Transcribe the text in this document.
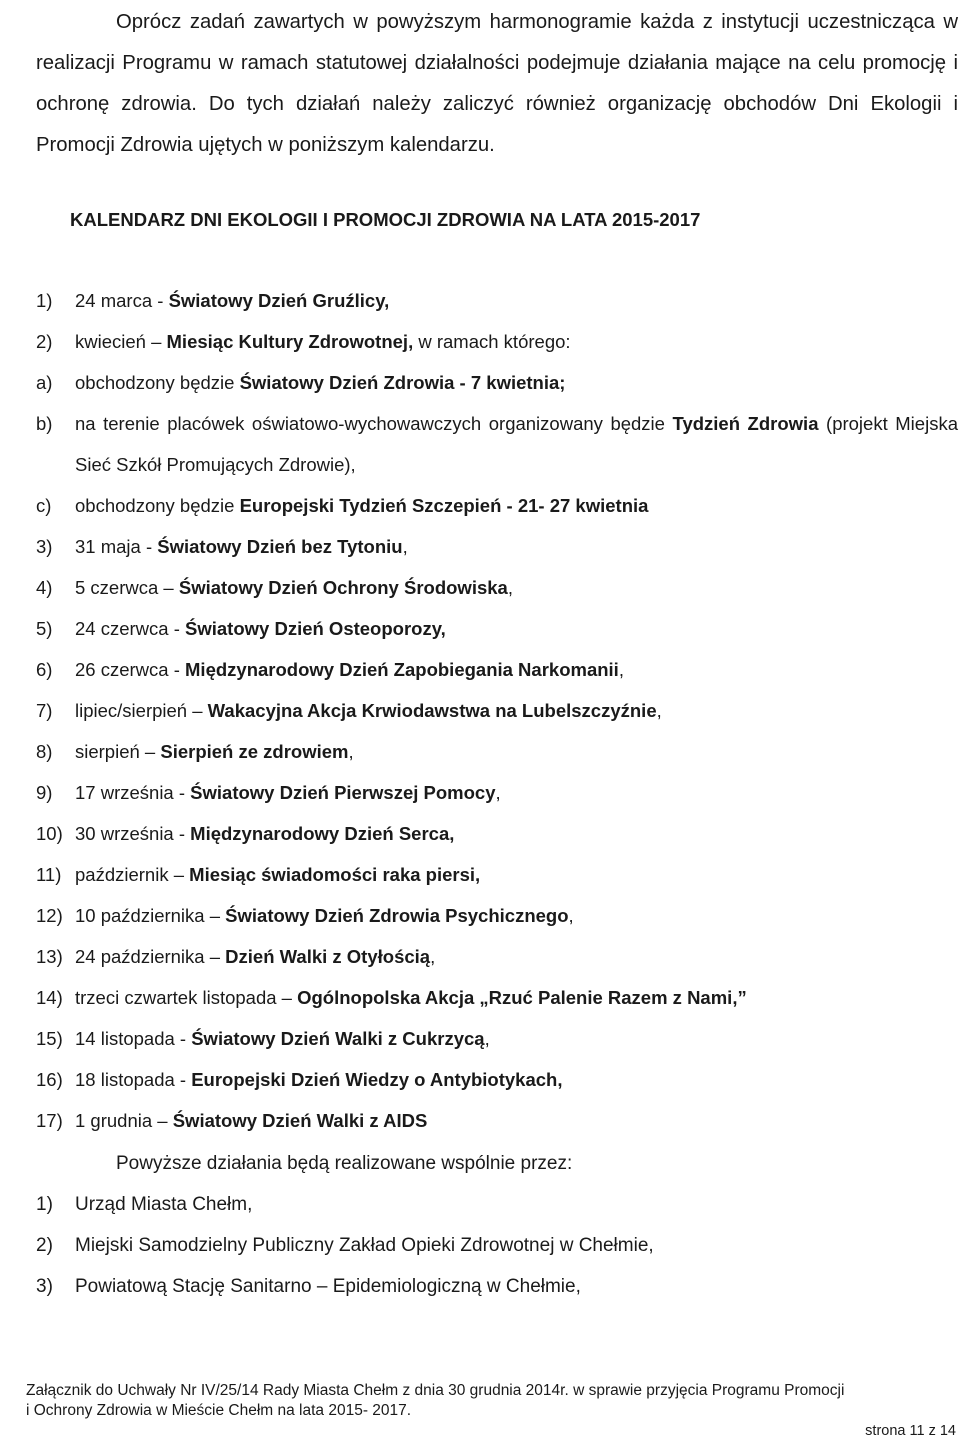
Oprócz zadań zawartych w powyższym harmonogramie każda z instytucji uczestnicząca w realizacji Programu w ramach statutowej działalności podejmuje działania mające na celu promocję i ochronę zdrowia. Do tych działań należy zaliczyć również organizację obchodów Dni Ekologii i Promocji Zdrowia ujętych w poniższym kalendarzu.

KALENDARZ DNI EKOLOGII I PROMOCJI ZDROWIA NA LATA 2015-2017
1) 24 marca - Światowy Dzień Gruźlicy,
2) kwiecień – Miesiąc Kultury Zdrowotnej, w ramach którego:
a) obchodzony będzie Światowy Dzień Zdrowia - 7 kwietnia;
b) na terenie placówek oświatowo-wychowawczych organizowany będzie Tydzień Zdrowia (projekt Miejska Sieć Szkół Promujących Zdrowie),
c) obchodzony będzie Europejski Tydzień Szczepień - 21- 27 kwietnia
3) 31 maja - Światowy Dzień bez Tytoniu,
4) 5 czerwca – Światowy Dzień Ochrony Środowiska,
5) 24 czerwca - Światowy Dzień Osteoporozy,
6) 26 czerwca - Międzynarodowy Dzień Zapobiegania Narkomanii,
7) lipiec/sierpień – Wakacyjna Akcja Krwiodawstwa na Lubelszczyźnie,
8) sierpień – Sierpień ze zdrowiem,
9) 17 września - Światowy Dzień Pierwszej Pomocy,
10) 30 września - Międzynarodowy Dzień Serca,
11) październik – Miesiąc świadomości raka piersi,
12) 10 października – Światowy Dzień Zdrowia Psychicznego,
13) 24 października – Dzień Walki z Otyłością,
14) trzeci czwartek listopada – Ogólnopolska Akcja „Rzuć Palenie Razem z Nami,”
15) 14 listopada - Światowy Dzień Walki z Cukrzycą,
16) 18 listopada - Europejski Dzień Wiedzy o Antybiotykach,
17) 1 grudnia – Światowy Dzień Walki z AIDS

Powyższe działania będą realizowane wspólnie przez:

1) Urząd Miasta Chełm,
2) Miejski Samodzielny Publiczny Zakład Opieki Zdrowotnej w Chełmie,
3) Powiatową Stację Sanitarno – Epidemiologiczną w Chełmie,
Załącznik do Uchwały Nr IV/25/14 Rady Miasta Chełm z dnia 30 grudnia 2014r. w sprawie przyjęcia Programu Promocji
i Ochrony Zdrowia w Mieście Chełm na lata 2015- 2017.
strona 11 z 14
